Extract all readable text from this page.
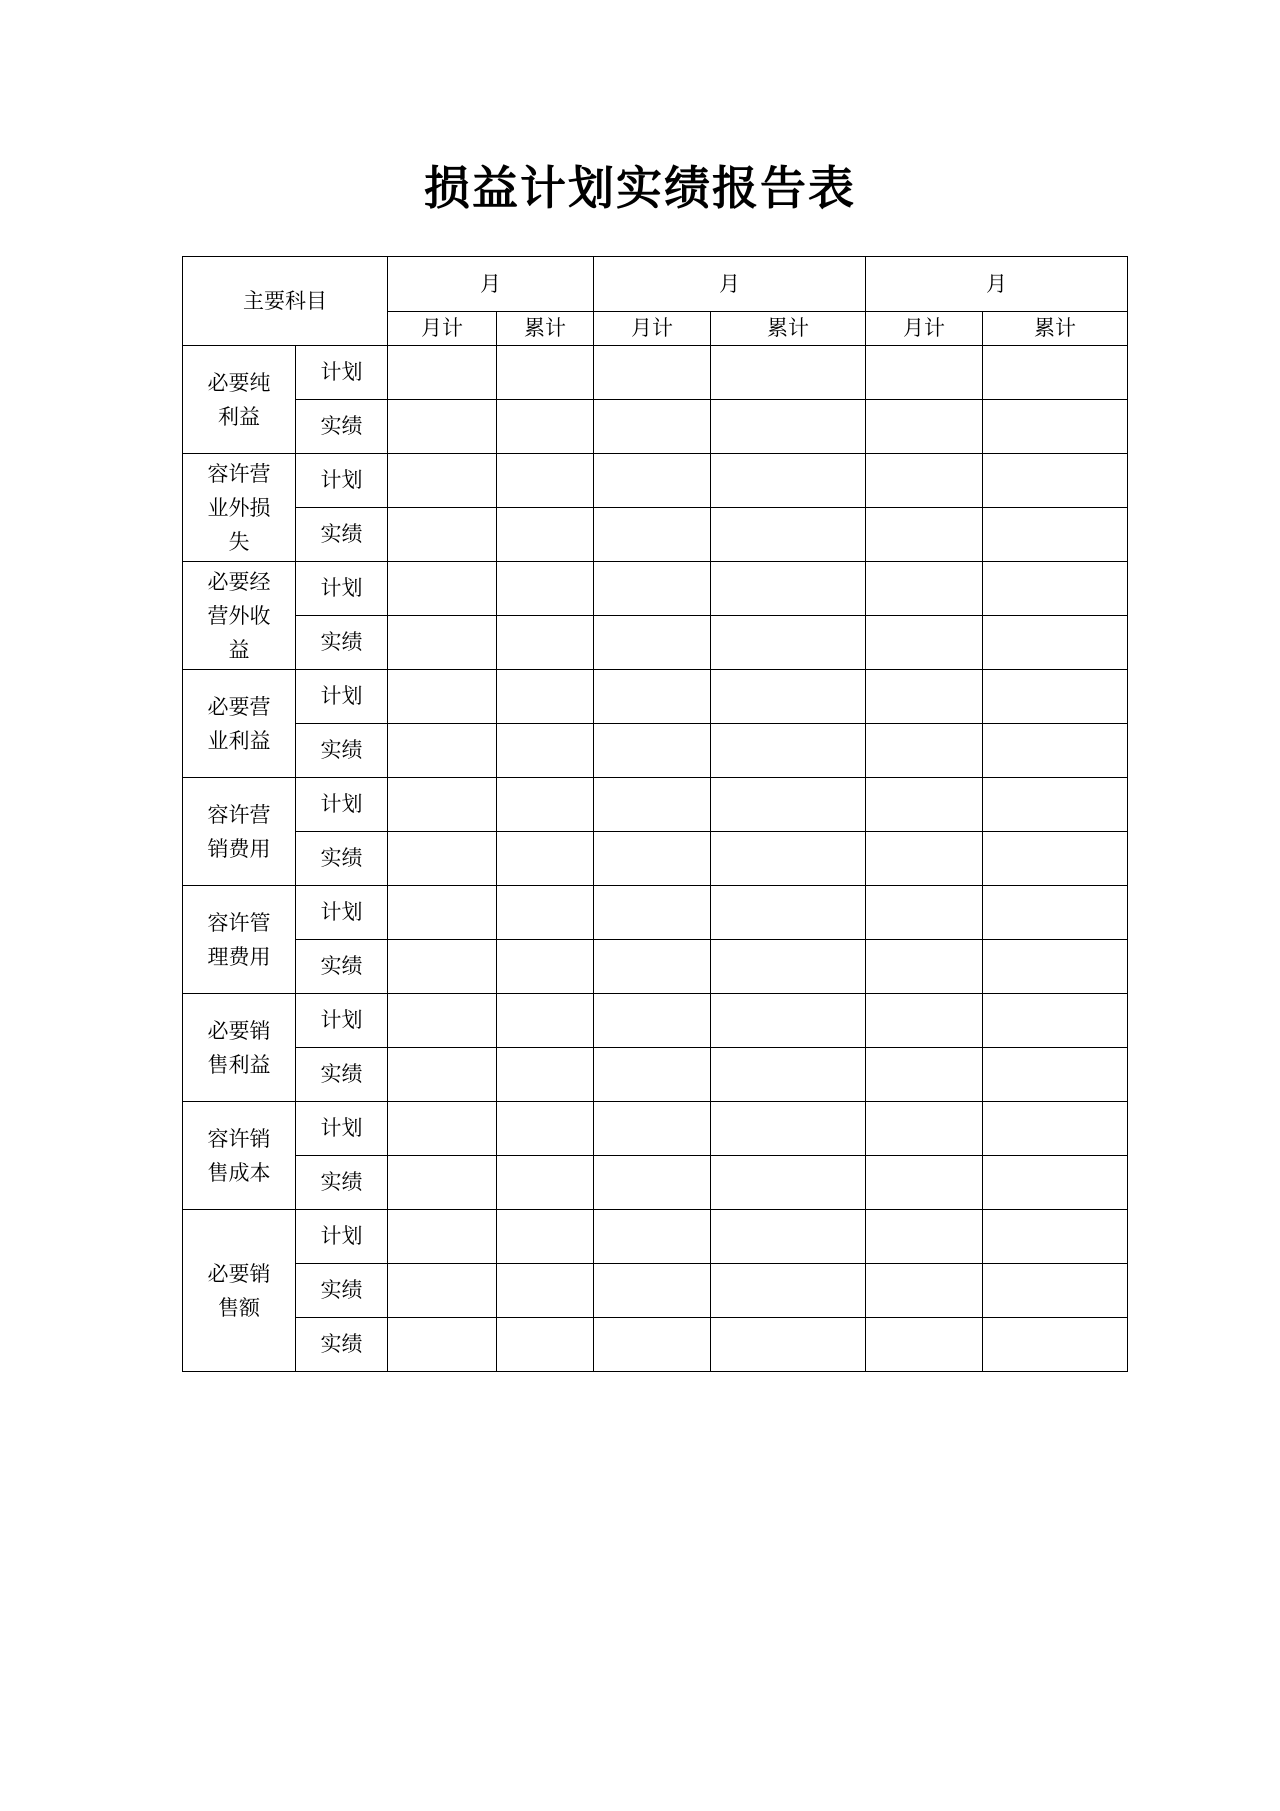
损益计划实绩报告表
主要科目		月		月		月	
		月计	累计	月计	累计	月计	累计
必要纯利益	计划						
	实绩						
容许营业外损失	计划						
	实绩						
必要经营外收益	计划						
	实绩						
必要营业利益	计划						
	实绩						
容许营销费用	计划						
	实绩						
容许管理费用	计划						
	实绩						
必要销售利益	计划						
	实绩						
容许销售成本	计划						
	实绩						
必要销售额	计划						
	实绩						
	实绩						
